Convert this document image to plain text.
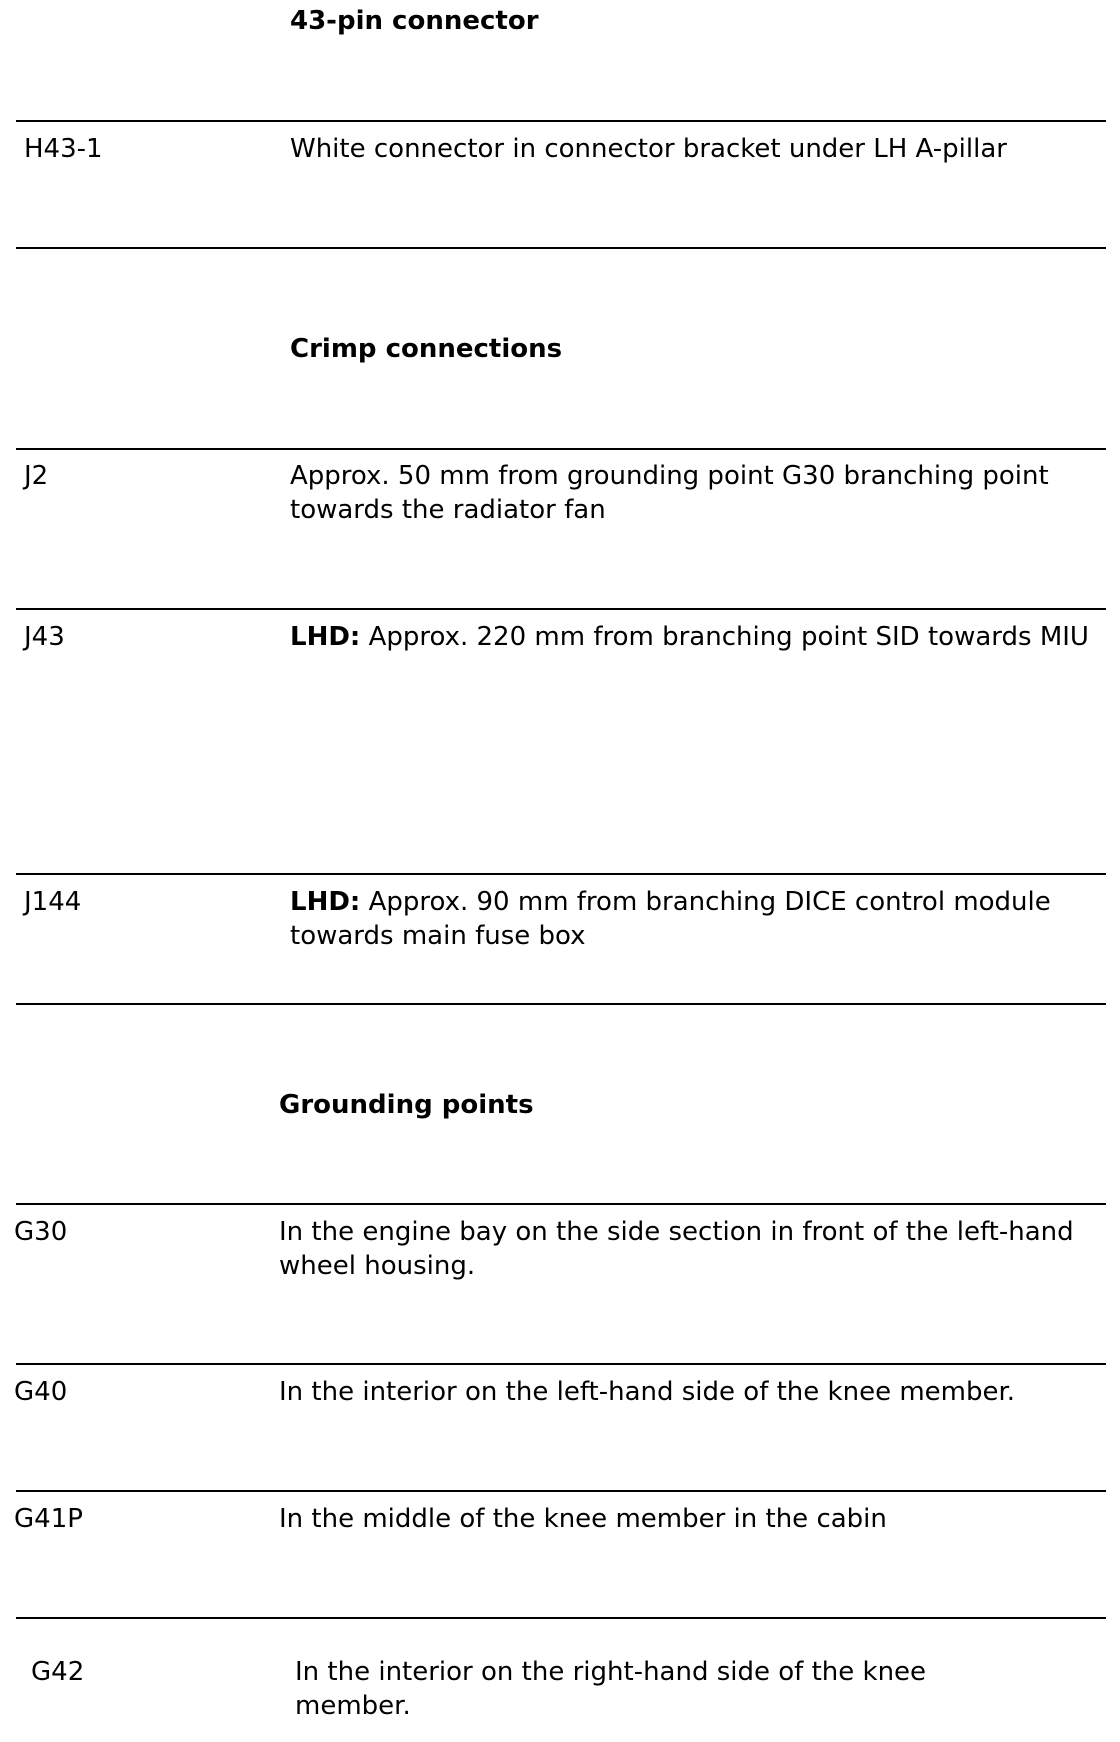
43-pin connector
H43-1	White connector in connector bracket under LH A-pillar
Crimp connections
J2	Approx. 50 mm from grounding point G30 branching point towards the radiator fan
J43	LHD: Approx. 220 mm from branching point SID towards MIU
J144	LHD: Approx. 90 mm from branching DICE control module towards main fuse box
Grounding points
G30	In the engine bay on the side section in front of the left-hand wheel housing.
G40	In the interior on the left-hand side of the knee member.
G41P	In the middle of the knee member in the cabin
G42	In the interior on the right-hand side of the knee member.
